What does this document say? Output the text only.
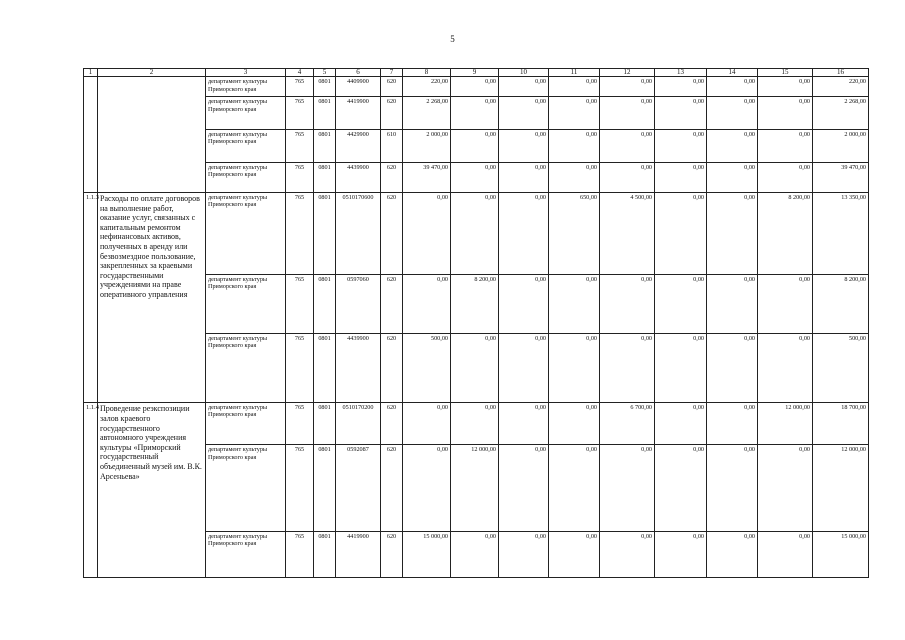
5
1	2	3	4	5	6	7	8	9	10	11	12	13	14	15	16
		департамент культуры Приморского края	765	0801	4409900	620	220,00	0,00	0,00	0,00	0,00	0,00	0,00	0,00	220,00
		департамент культуры Приморского края	765	0801	4419900	620	2 268,00	0,00	0,00	0,00	0,00	0,00	0,00	0,00	2 268,00
		департамент культуры Приморского края	765	0801	4429900	610	2 000,00	0,00	0,00	0,00	0,00	0,00	0,00	0,00	2 000,00
		департамент культуры Приморского края	765	0801	4439900	620	39 470,00	0,00	0,00	0,00	0,00	0,00	0,00	0,00	39 470,00
1.1.3	Расходы по оплате договоров на выполнение работ, оказание услуг, связанных с капитальным ремонтом нефинансовых активов, полученных в аренду или безвозмездное пользование, закрепленных за краевыми государственными учреждениями на праве оперативного управления	департамент культуры Приморского края	765	0801	0510170600	620	0,00	0,00	0,00	650,00	4 500,00	0,00	0,00	8 200,00	13 350,00
		департамент культуры Приморского края	765	0801	0597060	620	0,00	8 200,00	0,00	0,00	0,00	0,00	0,00	0,00	8 200,00
		департамент культуры Приморского края	765	0801	4439900	620	500,00	0,00	0,00	0,00	0,00	0,00	0,00	0,00	500,00
1.1.4	Проведение реэкспозиции залов краевого государственного автономного учреждения культуры «Приморский государственный объединенный музей им. В.К. Арсеньева»	департамент культуры Приморского края	765	0801	0510170200	620	0,00	0,00	0,00	0,00	6 700,00	0,00	0,00	12 000,00	18 700,00
		департамент культуры Приморского края	765	0801	0592087	620	0,00	12 000,00	0,00	0,00	0,00	0,00	0,00	0,00	12 000,00
		департамент культуры Приморского края	765	0801	4419900	620	15 000,00	0,00	0,00	0,00	0,00	0,00	0,00	0,00	15 000,00
